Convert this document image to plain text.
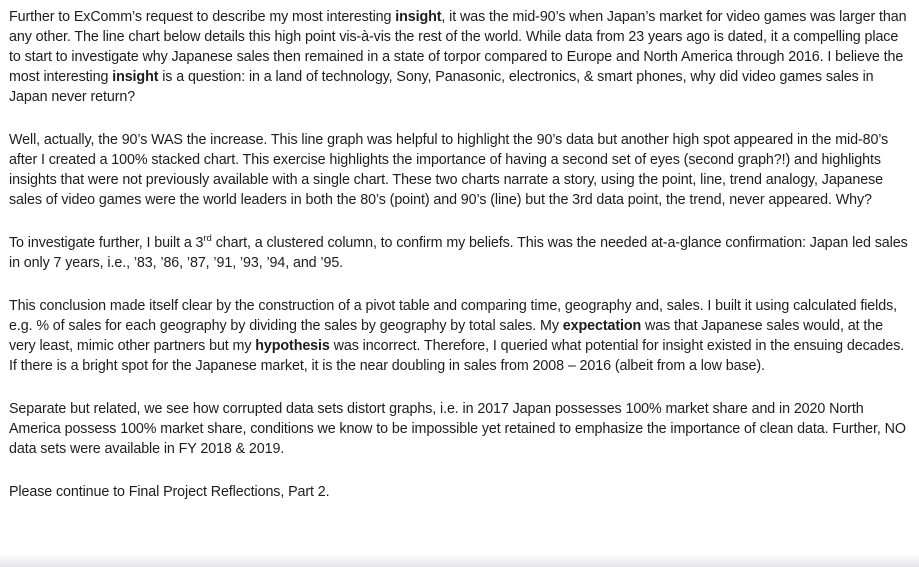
Further to ExComm’s request to describe my most interesting insight, it was the mid-90’s when Japan’s market for video games was larger than any other. The line chart below details this high point vis-à-vis the rest of the world. While data from 23 years ago is dated, it a compelling place to start to investigate why Japanese sales then remained in a state of torpor compared to Europe and North America through 2016. I believe the most interesting insight is a question: in a land of technology, Sony, Panasonic, electronics, & smart phones, why did video games sales in Japan never return?

Well, actually, the 90’s WAS the increase. This line graph was helpful to highlight the 90’s data but another high spot appeared in the mid-80’s after I created a 100% stacked chart. This exercise highlights the importance of having a second set of eyes (second graph?!) and highlights insights that were not previously available with a single chart. These two charts narrate a story, using the point, line, trend analogy, Japanese sales of video games were the world leaders in both the 80’s (point) and 90’s (line) but the 3rd data point, the trend, never appeared. Why?

To investigate further, I built a 3rd chart, a clustered column, to confirm my beliefs. This was the needed at-a-glance confirmation: Japan led sales in only 7 years, i.e., ’83, ’86, ’87, ’91, ’93, ’94, and ’95.

This conclusion made itself clear by the construction of a pivot table and comparing time, geography and, sales. I built it using calculated fields, e.g. % of sales for each geography by dividing the sales by geography by total sales. My expectation was that Japanese sales would, at the very least, mimic other partners but my hypothesis was incorrect. Therefore, I queried what potential for insight existed in the ensuing decades. If there is a bright spot for the Japanese market, it is the near doubling in sales from 2008 – 2016 (albeit from a low base).

Separate but related, we see how corrupted data sets distort graphs, i.e. in 2017 Japan possesses 100% market share and in 2020 North America possess 100% market share, conditions we know to be impossible yet retained to emphasize the importance of clean data. Further, NO data sets were available in FY 2018 & 2019.

Please continue to Final Project Reflections, Part 2.
